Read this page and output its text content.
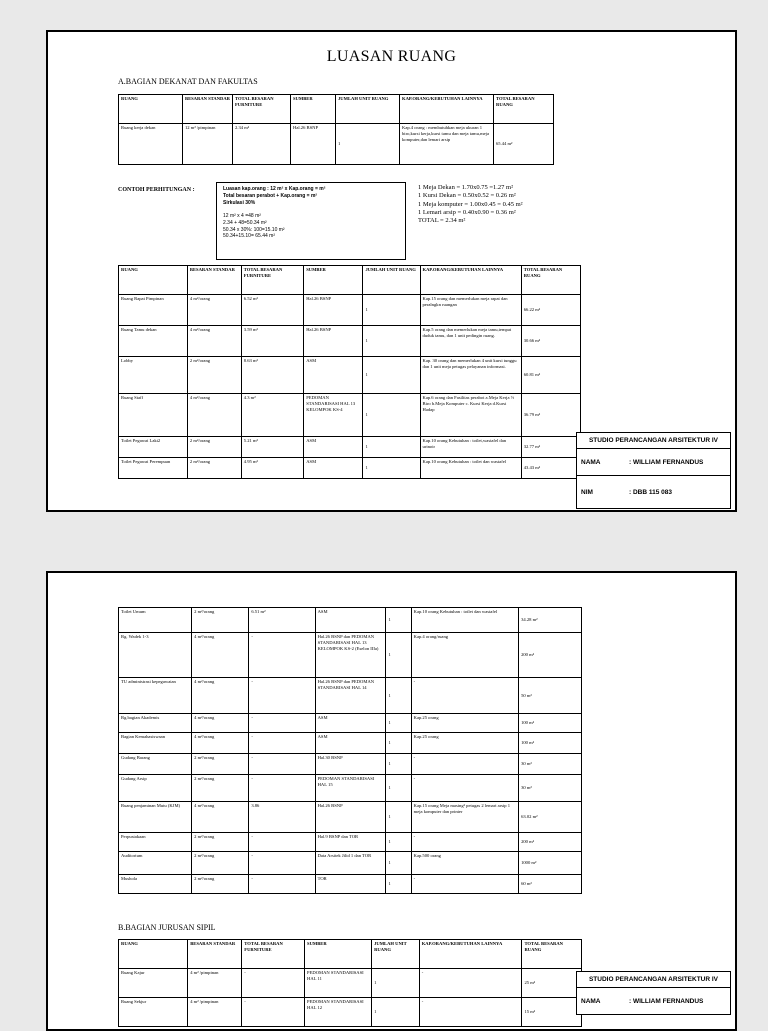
LUASAN RUANG
A.BAGIAN DEKANAT DAN FAKULTAS
RUANG	BESARAN STANDAR	TOTAL BESARAN FURNITURE	SUMBER	JUMLAH UNIT RUANG	KAP.ORANG/KEBUTUHAN LAINNYA	TOTAL BESARAN RUANG
Ruang kerja dekan	12 m² /pimpinan	2.34 m²	Hal.26 BSNP	1	Kap.4 orang : membutuhkan meja ukuran 1 biro,kursi kerja,kursi tamu dan meja tamu,meja komputer,dan lemari arsip	65.44 m²
CONTOH PERHITUNGAN :	Luasan kap.orang : 12 m² x Kap.orang = m²
Total besaran perabot + Kap.orang = m²
Sirkulasi 30%

12 m² x 4 =48 m²
2.34 + 48=50.34 m²
50.34 x 30%: 100=15.10 m²
50.34+15.10= 65.44 m²
1 Meja Dekan = 1.70x0.75 =1.27 m²
1 Kursi Dekan = 0.50x0.52 = 0.26 m²
1 Meja komputer = 1.00x0.45 = 0.45 m²
1 Lemari arsip = 0.40x0.90 = 0.36 m²
TOTAL = 2.34 m²
RUANG	BESARAN STANDAR	TOTAL BESARAN FURNITURE	SUMBER	JUMLAH UNIT RUANG	KAP.ORANG/KEBUTUHAN LAINNYA	TOTAL BESARAN RUANG
Ruang Rapat Pimpinan	4 m²/orang	6.52 m²	Hal.26 BSNP	1	Kap.15 orang dan memerlukan meja rapat dan peralngkn ruangan	66.22 m²
Ruang Tamu dekan	4 m²/orang	3.59 m²	Hal.26 BSNP	1	Kap.5 orang dan memerlukan meja tamu,tempat duduk tamu, dan 1 unit pedingin ruang.	30.66 m²
Lobby	2 m²/orang	8.63 m²	ASM	1	Kap. 30 orang dan memerlukan 4 unit kursi tunggu dan 1 unit meja petugas pelayanan informasi.	60.81 m²
Ruang Staff	4 m²/orang	4.3 m²	PEDOMAN STANDARISASI HAL 13 KELOMPOK KS-4	1	Kap.6 orang dan Fasilitas perabot a.Meja Kerja ½ Biro b.Meja Komputer c. Kursi Kerja d.Kursi Hadap	36.79 m²
Toilet Pegawai Laki2	2 m²/orang	5.21 m²	ASM	1	Kap.10 orang Kebutuhan : toilet,wastafel dan urinoir	32.77 m²
Toilet Pegawai Perempuan	2 m²/orang	4.95 m²	ASM	1	Kap.10 orang Kebutuhan : toilet dan wastafel	43.43 m²
STUDIO PERANCANGAN ARSITEKTUR IV
NAMA	: WILLIAM FERNANDUS
NIM	: DBB 115 083
Toilet Umum	2 m²/orang	6.51 m²	ASM	1	Kap.10 orang Kebutuhan : toilet dan wastafel	34.28 m²
Rg. Wadek 1-3	4 m²/orang	-	Hal.26 BSNP dan PEDOMAN STANDARISASI HAL 13 KELOMPOK KS-2 (Eselon IIIa)	1	Kap.4 orang/ruang	200 m²
TU administrasi kepegawaian	4 m²/orang	-	Hal.26 BSNP dan PEDOMAN STANDARISASI HAL 14	1	-	50 m²
Rg.bagian Akademis	4 m²/orang	-	ASM	1	Kap.25 orang	100 m²
Bagian Kemahasiswaan	4 m²/orang	-	ASM	1	Kap.25 orang	100 m²
Gudang Barang	2 m²/orang	-	Hal.30 BSNP	1	-	30 m²
Gudang Arsip	2 m²/orang	-	PEDOMAN STANDARISASI HAL 15	1	-	30 m²
Ruang penjaminan Mutu (KJM)	4 m²/orang	3.86	Hal.26 BSNP	1	Kap.15 orang Meja masing² petugas 2 lemari arsip 1 meja komputer dan printer	63.02 m²
Perpustakaan	2 m²/orang	-	Hal.9 BSNP dan TOR	1	-	200 m²
Auditorium	2 m²/orang	-	Data Arsitek Jilid 1 dan TOR	1	Kap.500 orang	1000 m²
Mushola	2 m²/orang	-	TOR	1	-	60 m²
B.BAGIAN JURUSAN SIPIL
RUANG	BESARAN STANDAR	TOTAL BESARAN FURNITURE	SUMBER	JUMLAH UNIT RUANG	KAP.ORANG/KEBUTUHAN LAINNYA	TOTAL BESARAN RUANG
Ruang Kajur	4 m² /pimpinan	-	PEDOMAN STANDARISASI HAL 11	1	-	25 m²
Ruang Sekjur	4 m² /pimpinan	-	PEDOMAN STANDARISASI HAL 12	1	-	15 m²
STUDIO PERANCANGAN ARSITEKTUR IV
NAMA	: WILLIAM FERNANDUS
